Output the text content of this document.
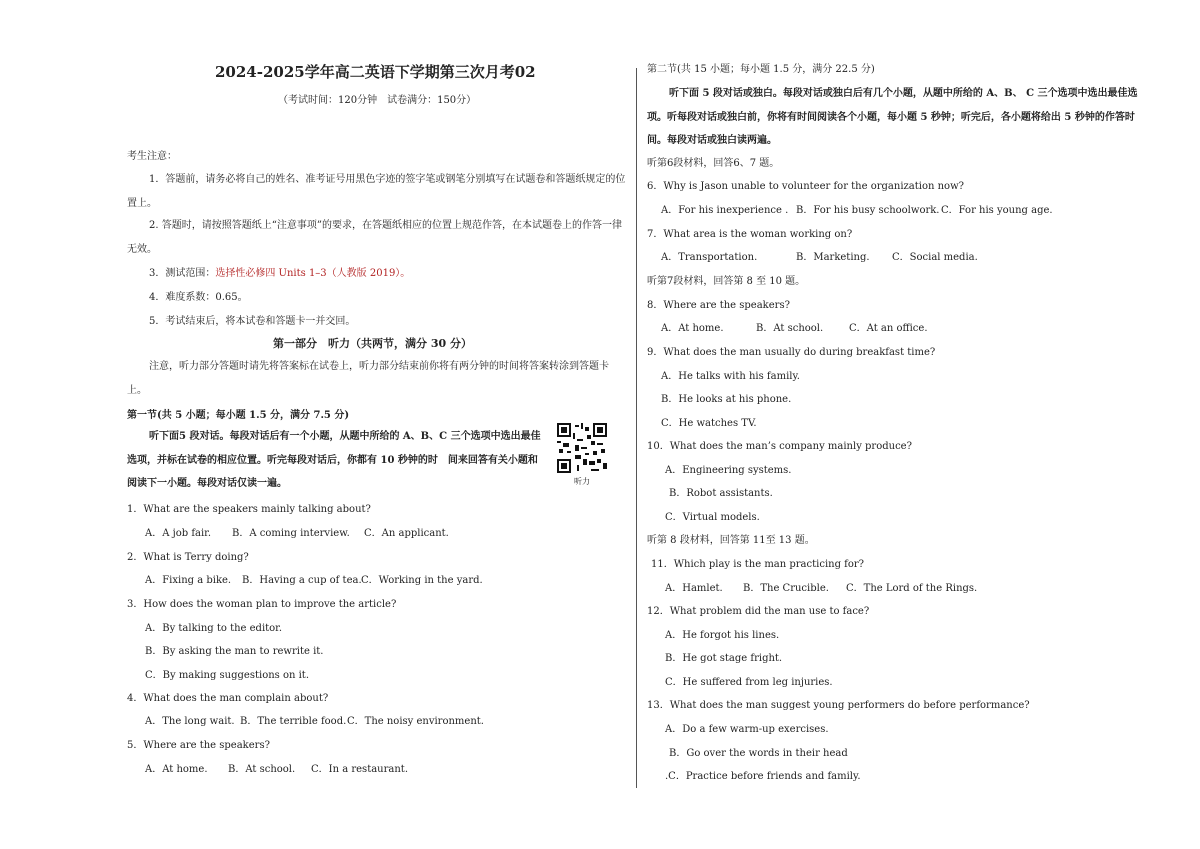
2024-2025学年高二英语下学期第三次月考02
（考试时间：120分钟　试卷满分：150分）
考生注意：
1．答题前，请务必将自己的姓名、准考证号用黑色字迹的签字笔或钢笔分别填写在试题卷和答题纸规定的位置上。
2. 答题时，请按照答题纸上“注意事项”的要求，在答题纸相应的位置上规范作答，在本试题卷上的作答一律无效。
3．测试范围：选择性必修四 Units 1–3（人教版 2019）。
4．难度系数：0.65。
5．考试结束后，将本试卷和答题卡一并交回。
第一部分　听力（共两节，满分 30 分）
注意，听力部分答题时请先将答案标在试卷上，听力部分结束前你将有两分钟的时间将答案转涂到答题卡上。
第一节(共 5 小题；每小题 1.5 分，满分 7.5 分)
听下面5 段对话。每段对话后有一个小题，从题中所给的 A、B、C 三个选项中选出最佳选项，并标在试卷的相应位置。听完每段对话后，你都有 10 秒钟的时　间来回答有关小题和阅读下一小题。每段对话仅读一遍。	听力
1．What are the speakers mainly talking about?
A．A job fair. B．A coming interview. C．An applicant.
2．What is Terry doing?
A．Fixing a bike. B．Having a cup of tea. C．Working in the yard.
3．How does the woman plan to improve the article?
A．By talking to the editor.
B．By asking the man to rewrite it.
C．By making suggestions on it.
4．What does the man complain about?
A．The long wait. B．The terrible food. C．The noisy environment.
5．Where are the speakers?
A．At home. B．At school. C．In a restaurant.
第二节(共 15 小题；每小题 1.5 分，满分 22.5 分)
听下面 5 段对话或独白。每段对话或独白后有几个小题，从题中所给的 A、B、 C 三个选项中选出最佳选项。听每段对话或独白前，你将有时间阅读各个小题，每小题 5 秒钟；听完后，各小题将给出 5 秒钟的作答时间。每段对话或独白读两遍。
听第6段材料，回答6、7 题。
6．Why is Jason unable to volunteer for the organization now?
A．For his inexperience . B．For his busy schoolwork. C．For his young age.
7．What area is the woman working on?
A．Transportation.	B．Marketing. C．Social media.
听第7段材料，回答第 8 至 10 题。
8．Where are the speakers?
A．At home.	B．At school.	C．At an office.
9．What does the man usually do during breakfast time?
A．He talks with his family.
B．He looks at his phone.
C．He watches TV.
10．What does the man’s company mainly produce?
A．Engineering systems.
B．Robot assistants.
C．Virtual models.
听第 8 段材料，回答第 11至 13 题。
11．Which play is the man practicing for?
A．Hamlet. B．The Crucible. C．The Lord of the Rings.
12．What problem did the man use to face?
A．He forgot his lines.
B．He got stage fright.
C．He suffered from leg injuries.
13．What does the man suggest young performers do before performance?
A．Do a few warm-up exercises.
B．Go over the words in their head
.C．Practice before friends and family.
